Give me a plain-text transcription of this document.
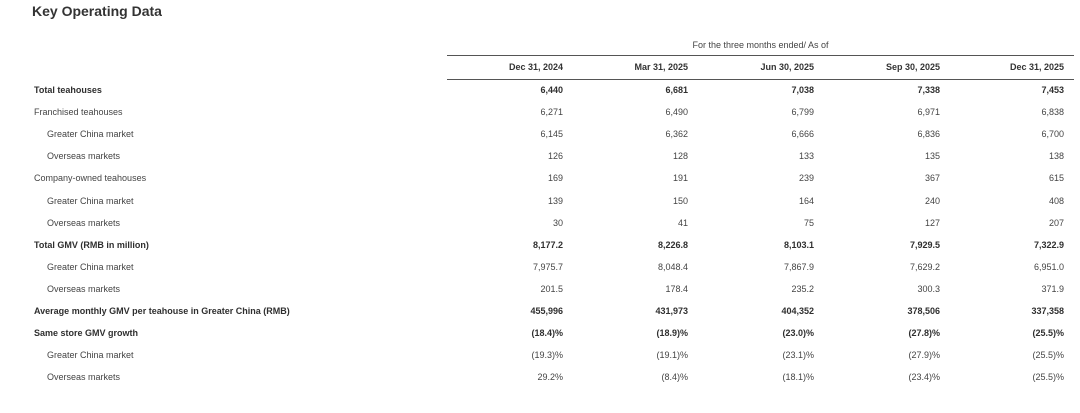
Key Operating Data
For the three months ended/ As of
Dec 31, 2024	Mar 31, 2025	Jun 30, 2025	Sep 30, 2025	Dec 31, 2025
Total teahouses	6,440	6,681	7,038	7,338	7,453
Franchised teahouses	6,271	6,490	6,799	6,971	6,838
Greater China market	6,145	6,362	6,666	6,836	6,700
Overseas markets	126	128	133	135	138
Company-owned teahouses	169	191	239	367	615
Greater China market	139	150	164	240	408
Overseas markets	30	41	75	127	207
Total GMV (RMB in million)	8,177.2	8,226.8	8,103.1	7,929.5	7,322.9
Greater China market	7,975.7	8,048.4	7,867.9	7,629.2	6,951.0
Overseas markets	201.5	178.4	235.2	300.3	371.9
Average monthly GMV per teahouse in Greater China (RMB)	455,996	431,973	404,352	378,506	337,358
Same store GMV growth	(18.4)%	(18.9)%	(23.0)%	(27.8)%	(25.5)%
Greater China market	(19.3)%	(19.1)%	(23.1)%	(27.9)%	(25.5)%
Overseas markets	29.2%	(8.4)%	(18.1)%	(23.4)%	(25.5)%
